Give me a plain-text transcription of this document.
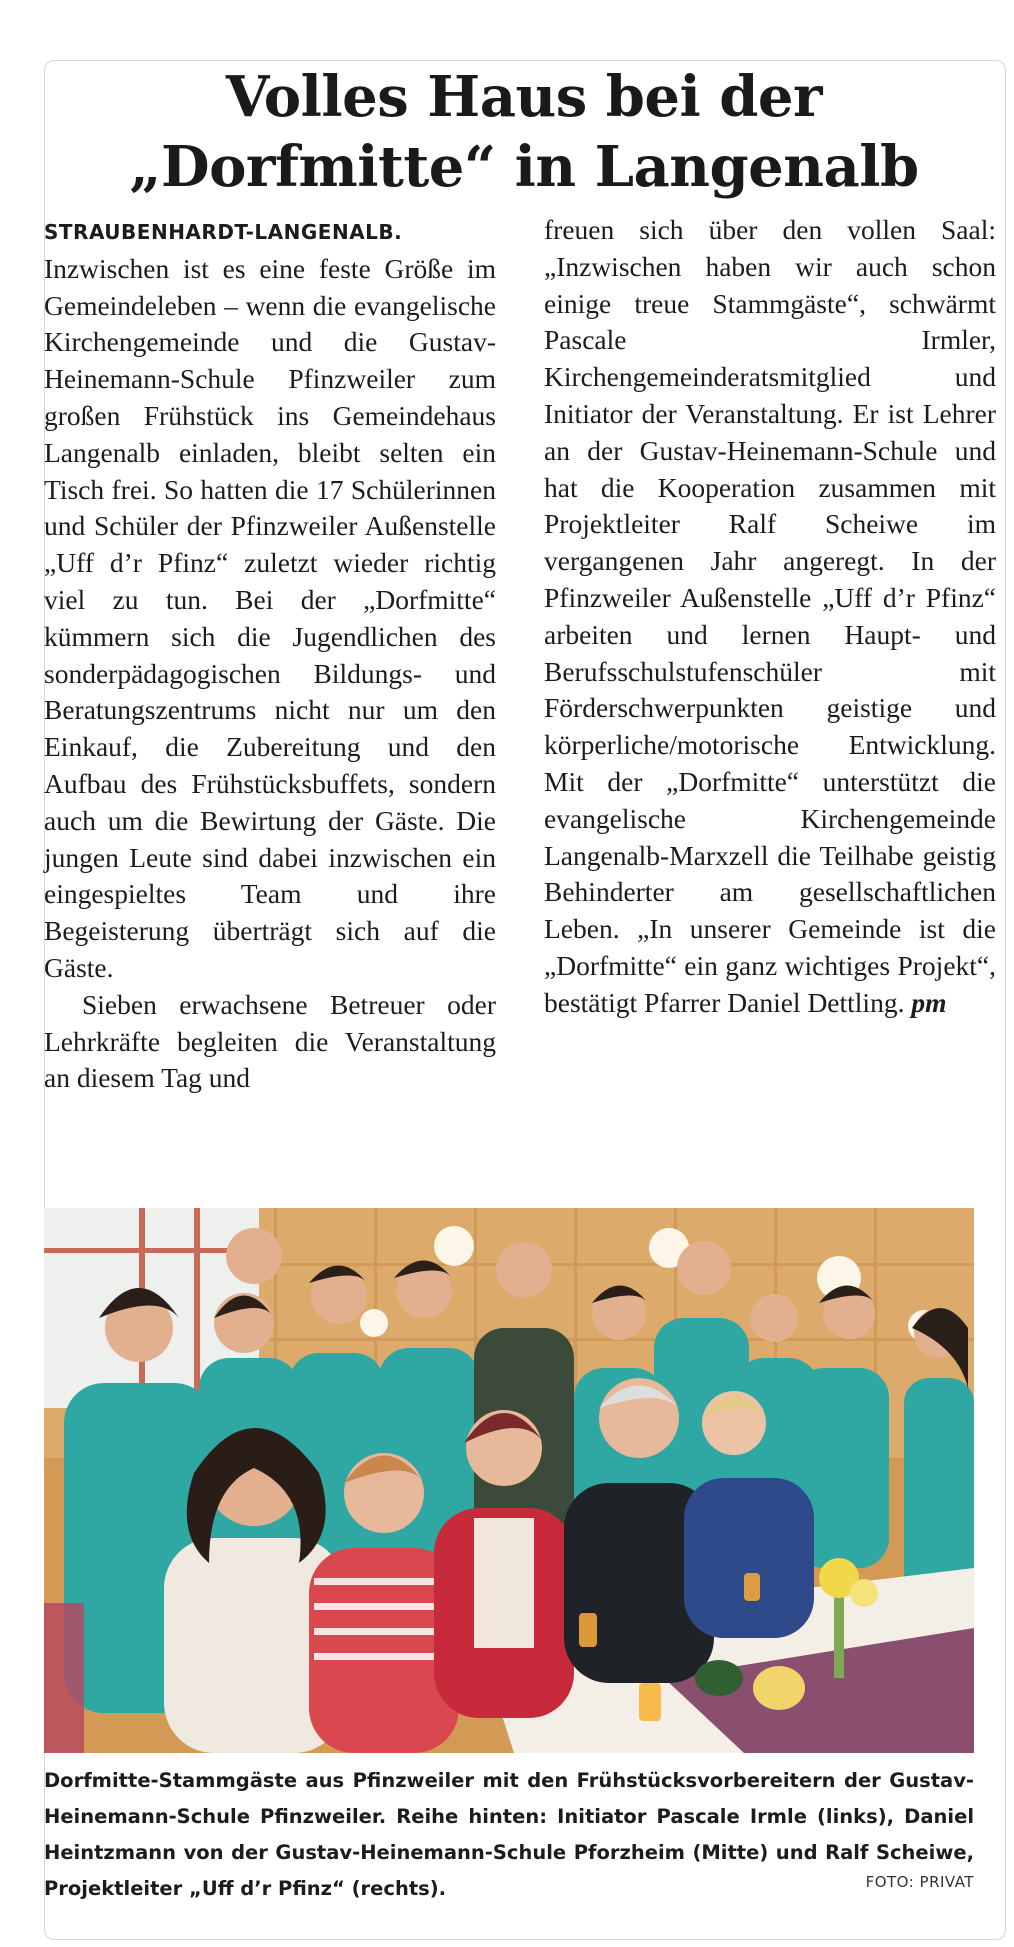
Volles Haus bei der
„Dorfmitte“ in Langenalb

STRAUBENHARDT-LANGENALB. Inzwischen ist es eine feste Größe im Gemeindeleben – wenn die evangelische Kirchengemeinde und die Gustav-Heinemann-Schule Pfinzweiler zum großen Frühstück ins Gemeindehaus Langenalb einladen, bleibt selten ein Tisch frei. So hatten die 17 Schülerinnen und Schüler der Pfinzweiler Außenstelle „Uff d’r Pfinz“ zuletzt wieder richtig viel zu tun. Bei der „Dorfmitte“ kümmern sich die Jugendlichen des sonderpädagogischen Bildungs- und Beratungszentrums nicht nur um den Einkauf, die Zubereitung und den Aufbau des Frühstücksbuffets, sondern auch um die Bewirtung der Gäste. Die jungen Leute sind dabei inzwischen ein eingespieltes Team und ihre Begeisterung überträgt sich auf die Gäste.

Sieben erwachsene Betreuer oder Lehrkräfte begleiten die Veranstaltung an diesem Tag und

freuen sich über den vollen Saal: „Inzwischen haben wir auch schon einige treue Stammgäste“, schwärmt Pascale Irmler, Kirchengemeinderatsmitglied und Initiator der Veranstaltung. Er ist Lehrer an der Gustav-Heinemann-Schule und hat die Kooperation zusammen mit Projektleiter Ralf Scheiwe im vergangenen Jahr angeregt. In der Pfinzweiler Außenstelle „Uff d’r Pfinz“ arbeiten und lernen Haupt- und Berufsschulstufenschüler mit Förderschwerpunkten geistige und körperliche/motorische Entwicklung. Mit der „Dorfmitte“ unterstützt die evangelische Kirchengemeinde Langenalb-Marxzell die Teilhabe geistig Behinderter am gesellschaftlichen Leben. „In unserer Gemeinde ist die „Dorfmitte“ ein ganz wichtiges Projekt“, bestätigt Pfarrer Daniel Dettling. pm

Dorfmitte-Stammgäste aus Pfinzweiler mit den Frühstücksvorbereitern der Gustav-Heinemann-Schule Pfinzweiler. Reihe hinten: Initiator Pascale Irmle (links), Daniel Heintzmann von der Gustav-Heinemann-Schule Pforzheim (Mitte) und Ralf Scheiwe, Projektleiter „Uff d’r Pfinz“ (rechts).	FOTO: PRIVAT
